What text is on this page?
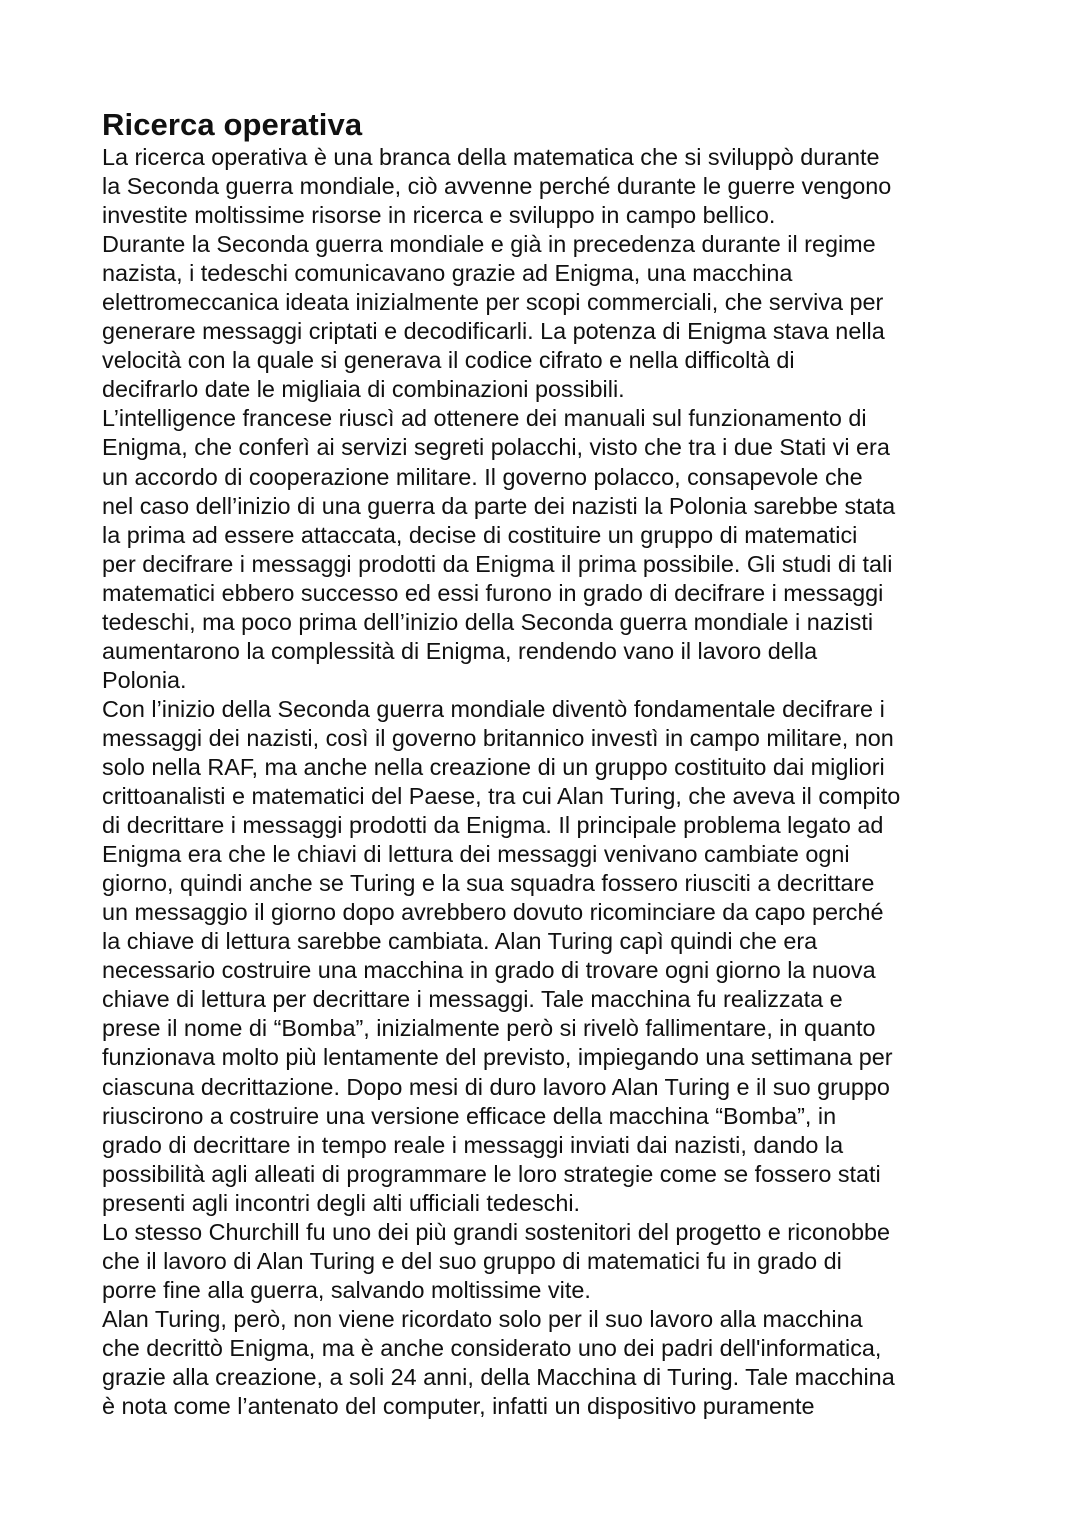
Ricerca operativa

La ricerca operativa è una branca della matematica che si sviluppò durante
la Seconda guerra mondiale, ciò avvenne perché durante le guerre vengono
investite moltissime risorse in ricerca e sviluppo in campo bellico.

Durante la Seconda guerra mondiale e già in precedenza durante il regime
nazista, i tedeschi comunicavano grazie ad Enigma, una macchina
elettromeccanica ideata inizialmente per scopi commerciali, che serviva per
generare messaggi criptati e decodificarli. La potenza di Enigma stava nella
velocità con la quale si generava il codice cifrato e nella difficoltà di
decifrarlo date le migliaia di combinazioni possibili.

L’intelligence francese riuscì ad ottenere dei manuali sul funzionamento di
Enigma, che conferì ai servizi segreti polacchi, visto che tra i due Stati vi era
un accordo di cooperazione militare. Il governo polacco, consapevole che
nel caso dell’inizio di una guerra da parte dei nazisti la Polonia sarebbe stata
la prima ad essere attaccata, decise di costituire un gruppo di matematici
per decifrare i messaggi prodotti da Enigma il prima possibile. Gli studi di tali
matematici ebbero successo ed essi furono in grado di decifrare i messaggi
tedeschi, ma poco prima dell’inizio della Seconda guerra mondiale i nazisti
aumentarono la complessità di Enigma, rendendo vano il lavoro della
Polonia.

Con l’inizio della Seconda guerra mondiale diventò fondamentale decifrare i
messaggi dei nazisti, così il governo britannico investì in campo militare, non
solo nella RAF, ma anche nella creazione di un gruppo costituito dai migliori
crittoanalisti e matematici del Paese, tra cui Alan Turing, che aveva il compito
di decrittare i messaggi prodotti da Enigma. Il principale problema legato ad
Enigma era che le chiavi di lettura dei messaggi venivano cambiate ogni
giorno, quindi anche se Turing e la sua squadra fossero riusciti a decrittare
un messaggio il giorno dopo avrebbero dovuto ricominciare da capo perché
la chiave di lettura sarebbe cambiata. Alan Turing capì quindi che era
necessario costruire una macchina in grado di trovare ogni giorno la nuova
chiave di lettura per decrittare i messaggi. Tale macchina fu realizzata e
prese il nome di “Bomba”, inizialmente però si rivelò fallimentare, in quanto
funzionava molto più lentamente del previsto, impiegando una settimana per
ciascuna decrittazione. Dopo mesi di duro lavoro Alan Turing e il suo gruppo
riuscirono a costruire una versione efficace della macchina “Bomba”, in
grado di decrittare in tempo reale i messaggi inviati dai nazisti, dando la
possibilità agli alleati di programmare le loro strategie come se fossero stati
presenti agli incontri degli alti ufficiali tedeschi.

Lo stesso Churchill fu uno dei più grandi sostenitori del progetto e riconobbe
che il lavoro di Alan Turing e del suo gruppo di matematici fu in grado di
porre fine alla guerra, salvando moltissime vite.

Alan Turing, però, non viene ricordato solo per il suo lavoro alla macchina
che decrittò Enigma, ma è anche considerato uno dei padri dell'informatica,
grazie alla creazione, a soli 24 anni, della Macchina di Turing. Tale macchina
è nota come l’antenato del computer, infatti un dispositivo puramente
